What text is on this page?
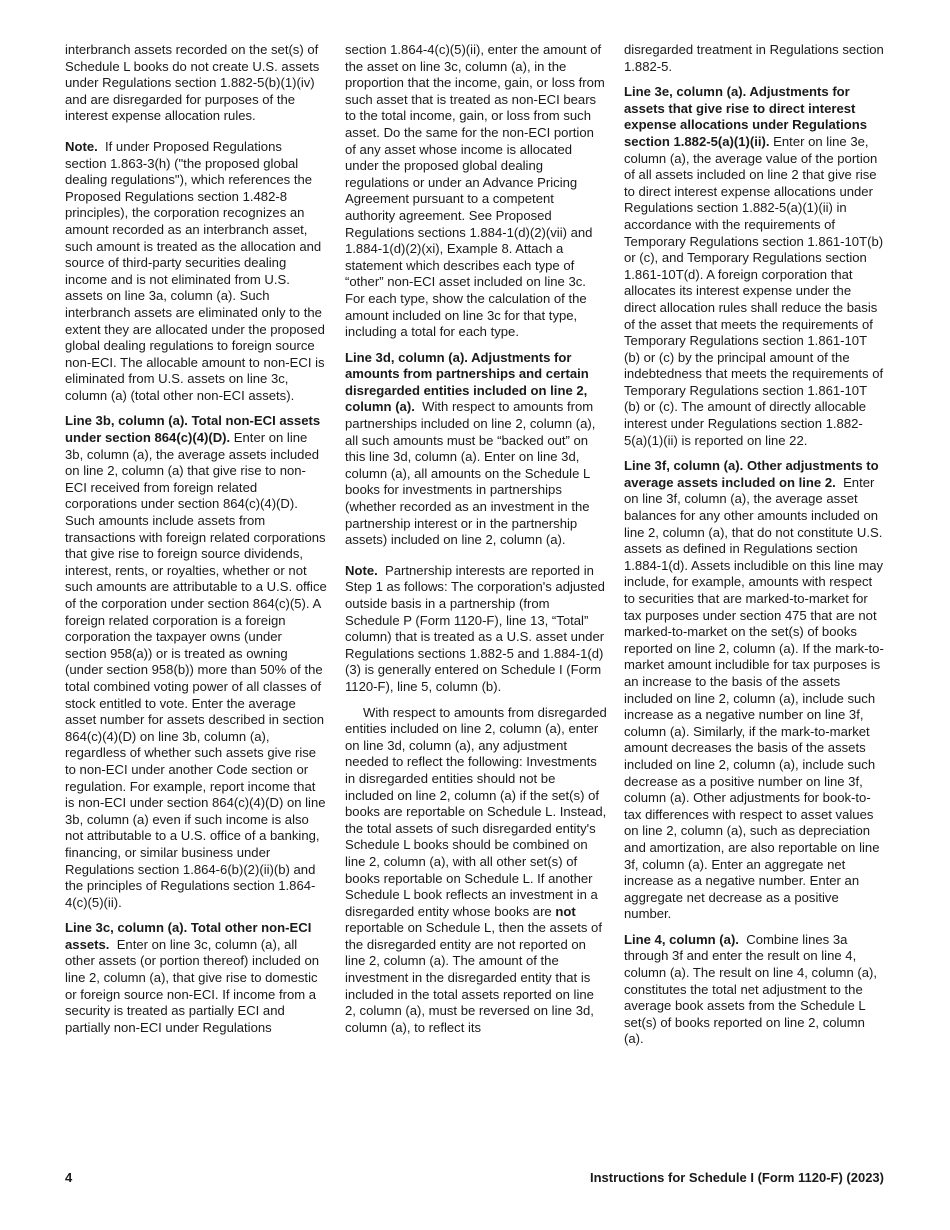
interbranch assets recorded on the set(s) of Schedule L books do not create U.S. assets under Regulations section 1.882-5(b)(1)(iv) and are disregarded for purposes of the interest expense allocation rules.

Note. If under Proposed Regulations section 1.863-3(h) ("the proposed global dealing regulations"), which references the Proposed Regulations section 1.482-8 principles), the corporation recognizes an amount recorded as an interbranch asset, such amount is treated as the allocation and source of third-party securities dealing income and is not eliminated from U.S. assets on line 3a, column (a). Such interbranch assets are eliminated only to the extent they are allocated under the proposed global dealing regulations to foreign source non-ECI. The allocable amount to non-ECI is eliminated from U.S. assets on line 3c, column (a) (total other non-ECI assets).

Line 3b, column (a). Total non-ECI assets under section 864(c)(4)(D). Enter on line 3b, column (a), the average assets included on line 2, column (a) that give rise to non-ECI received from foreign related corporations under section 864(c)(4)(D). Such amounts include assets from transactions with foreign related corporations that give rise to foreign source dividends, interest, rents, or royalties, whether or not such amounts are attributable to a U.S. office of the corporation under section 864(c)(5). A foreign related corporation is a foreign corporation the taxpayer owns (under section 958(a)) or is treated as owning (under section 958(b)) more than 50% of the total combined voting power of all classes of stock entitled to vote. Enter the average asset number for assets described in section 864(c)(4)(D) on line 3b, column (a), regardless of whether such assets give rise to non-ECI under another Code section or regulation. For example, report income that is non-ECI under section 864(c)(4)(D) on line 3b, column (a) even if such income is also not attributable to a U.S. office of a banking, financing, or similar business under Regulations section 1.864-6(b)(2)(ii)(b) and the principles of Regulations section 1.864-4(c)(5)(ii).

Line 3c, column (a). Total other non-ECI assets. Enter on line 3c, column (a), all other assets (or portion thereof) included on line 2, column (a), that give rise to domestic or foreign source non-ECI. If income from a security is treated as partially ECI and partially non-ECI under Regulations

section 1.864-4(c)(5)(ii), enter the amount of the asset on line 3c, column (a), in the proportion that the income, gain, or loss from such asset that is treated as non-ECI bears to the total income, gain, or loss from such asset. Do the same for the non-ECI portion of any asset whose income is allocated under the proposed global dealing regulations or under an Advance Pricing Agreement pursuant to a competent authority agreement. See Proposed Regulations sections 1.884-1(d)(2)(vii) and 1.884-1(d)(2)(xi), Example 8. Attach a statement which describes each type of “other” non-ECI asset included on line 3c. For each type, show the calculation of the amount included on line 3c for that type, including a total for each type.

Line 3d, column (a). Adjustments for amounts from partnerships and certain disregarded entities included on line 2, column (a). With respect to amounts from partnerships included on line 2, column (a), all such amounts must be “backed out” on this line 3d, column (a). Enter on line 3d, column (a), all amounts on the Schedule L books for investments in partnerships (whether recorded as an investment in the partnership interest or in the partnership assets) included on line 2, column (a).

Note. Partnership interests are reported in Step 1 as follows: The corporation's adjusted outside basis in a partnership (from Schedule P (Form 1120-F), line 13, “Total” column) that is treated as a U.S. asset under Regulations sections 1.882-5 and 1.884-1(d)(3) is generally entered on Schedule I (Form 1120-F), line 5, column (b).

With respect to amounts from disregarded entities included on line 2, column (a), enter on line 3d, column (a), any adjustment needed to reflect the following: Investments in disregarded entities should not be included on line 2, column (a) if the set(s) of books are reportable on Schedule L. Instead, the total assets of such disregarded entity's Schedule L books should be combined on line 2, column (a), with all other set(s) of books reportable on Schedule L. If another Schedule L book reflects an investment in a disregarded entity whose books are not reportable on Schedule L, then the assets of the disregarded entity are not reported on line 2, column (a). The amount of the investment in the disregarded entity that is included in the total assets reported on line 2, column (a), must be reversed on line 3d, column (a), to reflect its

disregarded treatment in Regulations section 1.882-5.

Line 3e, column (a). Adjustments for assets that give rise to direct interest expense allocations under Regulations section 1.882-5(a)(1)(ii). Enter on line 3e, column (a), the average value of the portion of all assets included on line 2 that give rise to direct interest expense allocations under Regulations section 1.882-5(a)(1)(ii) in accordance with the requirements of Temporary Regulations section 1.861-10T(b) or (c), and Temporary Regulations section 1.861-10T(d). A foreign corporation that allocates its interest expense under the direct allocation rules shall reduce the basis of the asset that meets the requirements of Temporary Regulations section 1.861-10T (b) or (c) by the principal amount of the indebtedness that meets the requirements of Temporary Regulations section 1.861-10T (b) or (c). The amount of directly allocable interest under Regulations section 1.882-5(a)(1)(ii) is reported on line 22.

Line 3f, column (a). Other adjustments to average assets included on line 2. Enter on line 3f, column (a), the average asset balances for any other amounts included on line 2, column (a), that do not constitute U.S. assets as defined in Regulations section 1.884-1(d). Assets includible on this line may include, for example, amounts with respect to securities that are marked-to-market for tax purposes under section 475 that are not marked-to-market on the set(s) of books reported on line 2, column (a). If the mark-to-market amount includible for tax purposes is an increase to the basis of the assets included on line 2, column (a), include such increase as a negative number on line 3f, column (a). Similarly, if the mark-to-market amount decreases the basis of the assets included on line 2, column (a), include such decrease as a positive number on line 3f, column (a). Other adjustments for book-to-tax differences with respect to asset values on line 2, column (a), such as depreciation and amortization, are also reportable on line 3f, column (a). Enter an aggregate net increase as a negative number. Enter an aggregate net decrease as a positive number.

Line 4, column (a). Combine lines 3a through 3f and enter the result on line 4, column (a). The result on line 4, column (a), constitutes the total net adjustment to the average book assets from the Schedule L set(s) of books reported on line 2, column (a).

4	Instructions for Schedule I (Form 1120-F) (2023)
